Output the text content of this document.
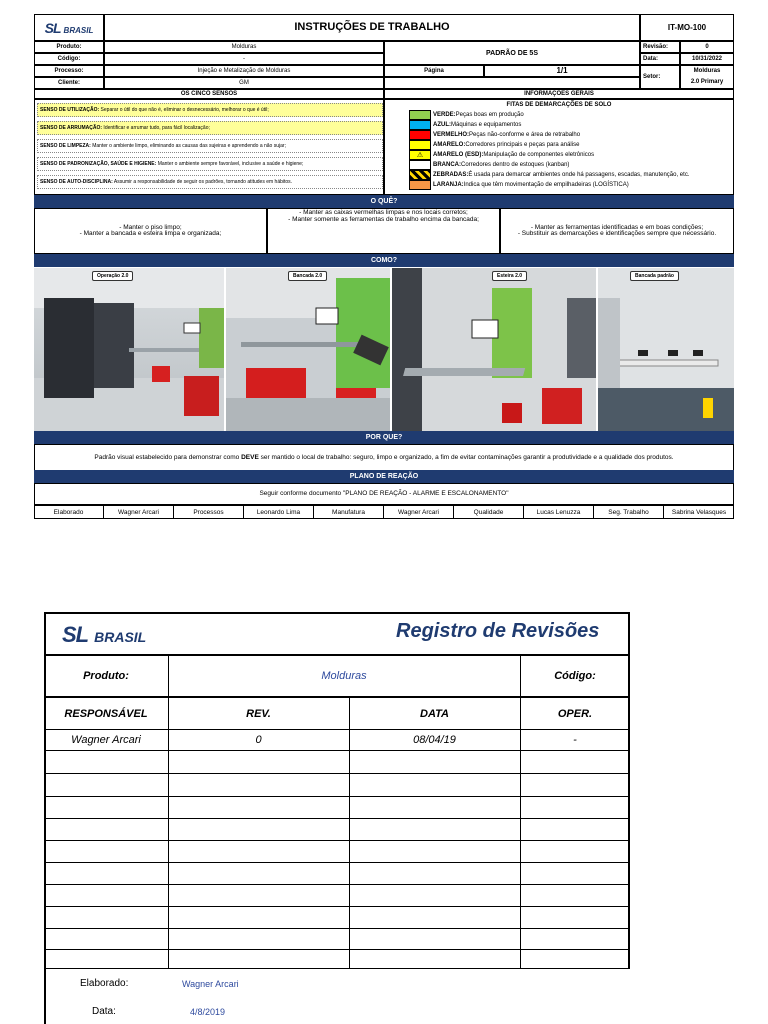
SL BRASIL	INSTRUÇÕES DE TRABALHO	IT-MO-100
Produto:	Molduras
Código:	-
Processo:	Injeção e Metalização de Molduras
Cliente:	GM
PADRÃO DE 5S
Página	1/1
Revisão:	0
Data:	10/31/2022
Setor:
Molduras
2.0 Primary
OS CINCO SENSOS	INFORMAÇÕES GERAIS
SENSO DE UTILIZAÇÃO: Separar o útil do que não é, eliminar o desnecessário, melhorar o que é útil;
SENSO DE ARRUMAÇÃO: Identificar e arrumar tudo, para fácil localização;
SENSO DE LIMPEZA: Manter o ambiente limpo, eliminando as causas das sujeiras e aprendendo a não sujar;
SENSO DE PADRONIZAÇÃO, SAÚDE E HIGIENE: Manter o ambiente sempre favorável, inclusive a saúde e higiene;
SENSO DE AUTO-DISCIPLINA: Assumir a responsabilidade de seguir os padrões, tornando atitudes em hábitos.
FITAS DE DEMARCAÇÕES DE SOLO
VERDE: Peças boas em produção
AZUL: Máquinas e equipamentos
VERMELHO: Peças não-conforme e área de retrabalho
AMARELO: Corredores principais e peças para análise
⚠ AMARELO (ESD): Manipulação de componentes eletrônicos
BRANCA: Corredores dentro de estoques (kanban)
ZEBRADAS: É usada para demarcar ambientes onde há passagens, escadas, manutenção, etc.
LARANJA: Indica que têm movimentação de empilhadeiras (LOGÍSTICA)
O QUÊ?
- Manter o piso limpo;
- Manter a bancada e esteira limpa e organizada;
- Manter as caixas vermelhas limpas e nos locais corretos;
- Manter somente as ferramentas de trabalho encima da bancada;
- Manter as ferramentas identificadas e em boas condições;
- Substituir as demarcações e identificações sempre que necessário.
COMO?
Operação 2.0	Bancada 2.0	Esteira 2.0	Bancada padrão
POR QUE?
Padrão visual estabelecido para demonstrar como DEVE ser mantido o local de trabalho: seguro, limpo e organizado, a fim de evitar contaminações garantir a produtividade e a qualidade dos produtos.
PLANO DE REAÇÃO
Seguir conforme documento "PLANO DE REAÇÃO - ALARME E ESCALONAMENTO"
Elaborado	Wagner Arcari	Processos	Leonardo Lima	Manufatura	Wagner Arcari	Qualidade	Lucas Lenuzza	Seg. Trabalho	Sabrina Velasques
SL BRASIL	Registro de Revisões
Produto:	Molduras	Código:
RESPONSÁVEL	REV.	DATA	OPER.
Wagner Arcari	0	08/04/19	-
Elaborado:	Wagner Arcari
Data:	4/8/2019
